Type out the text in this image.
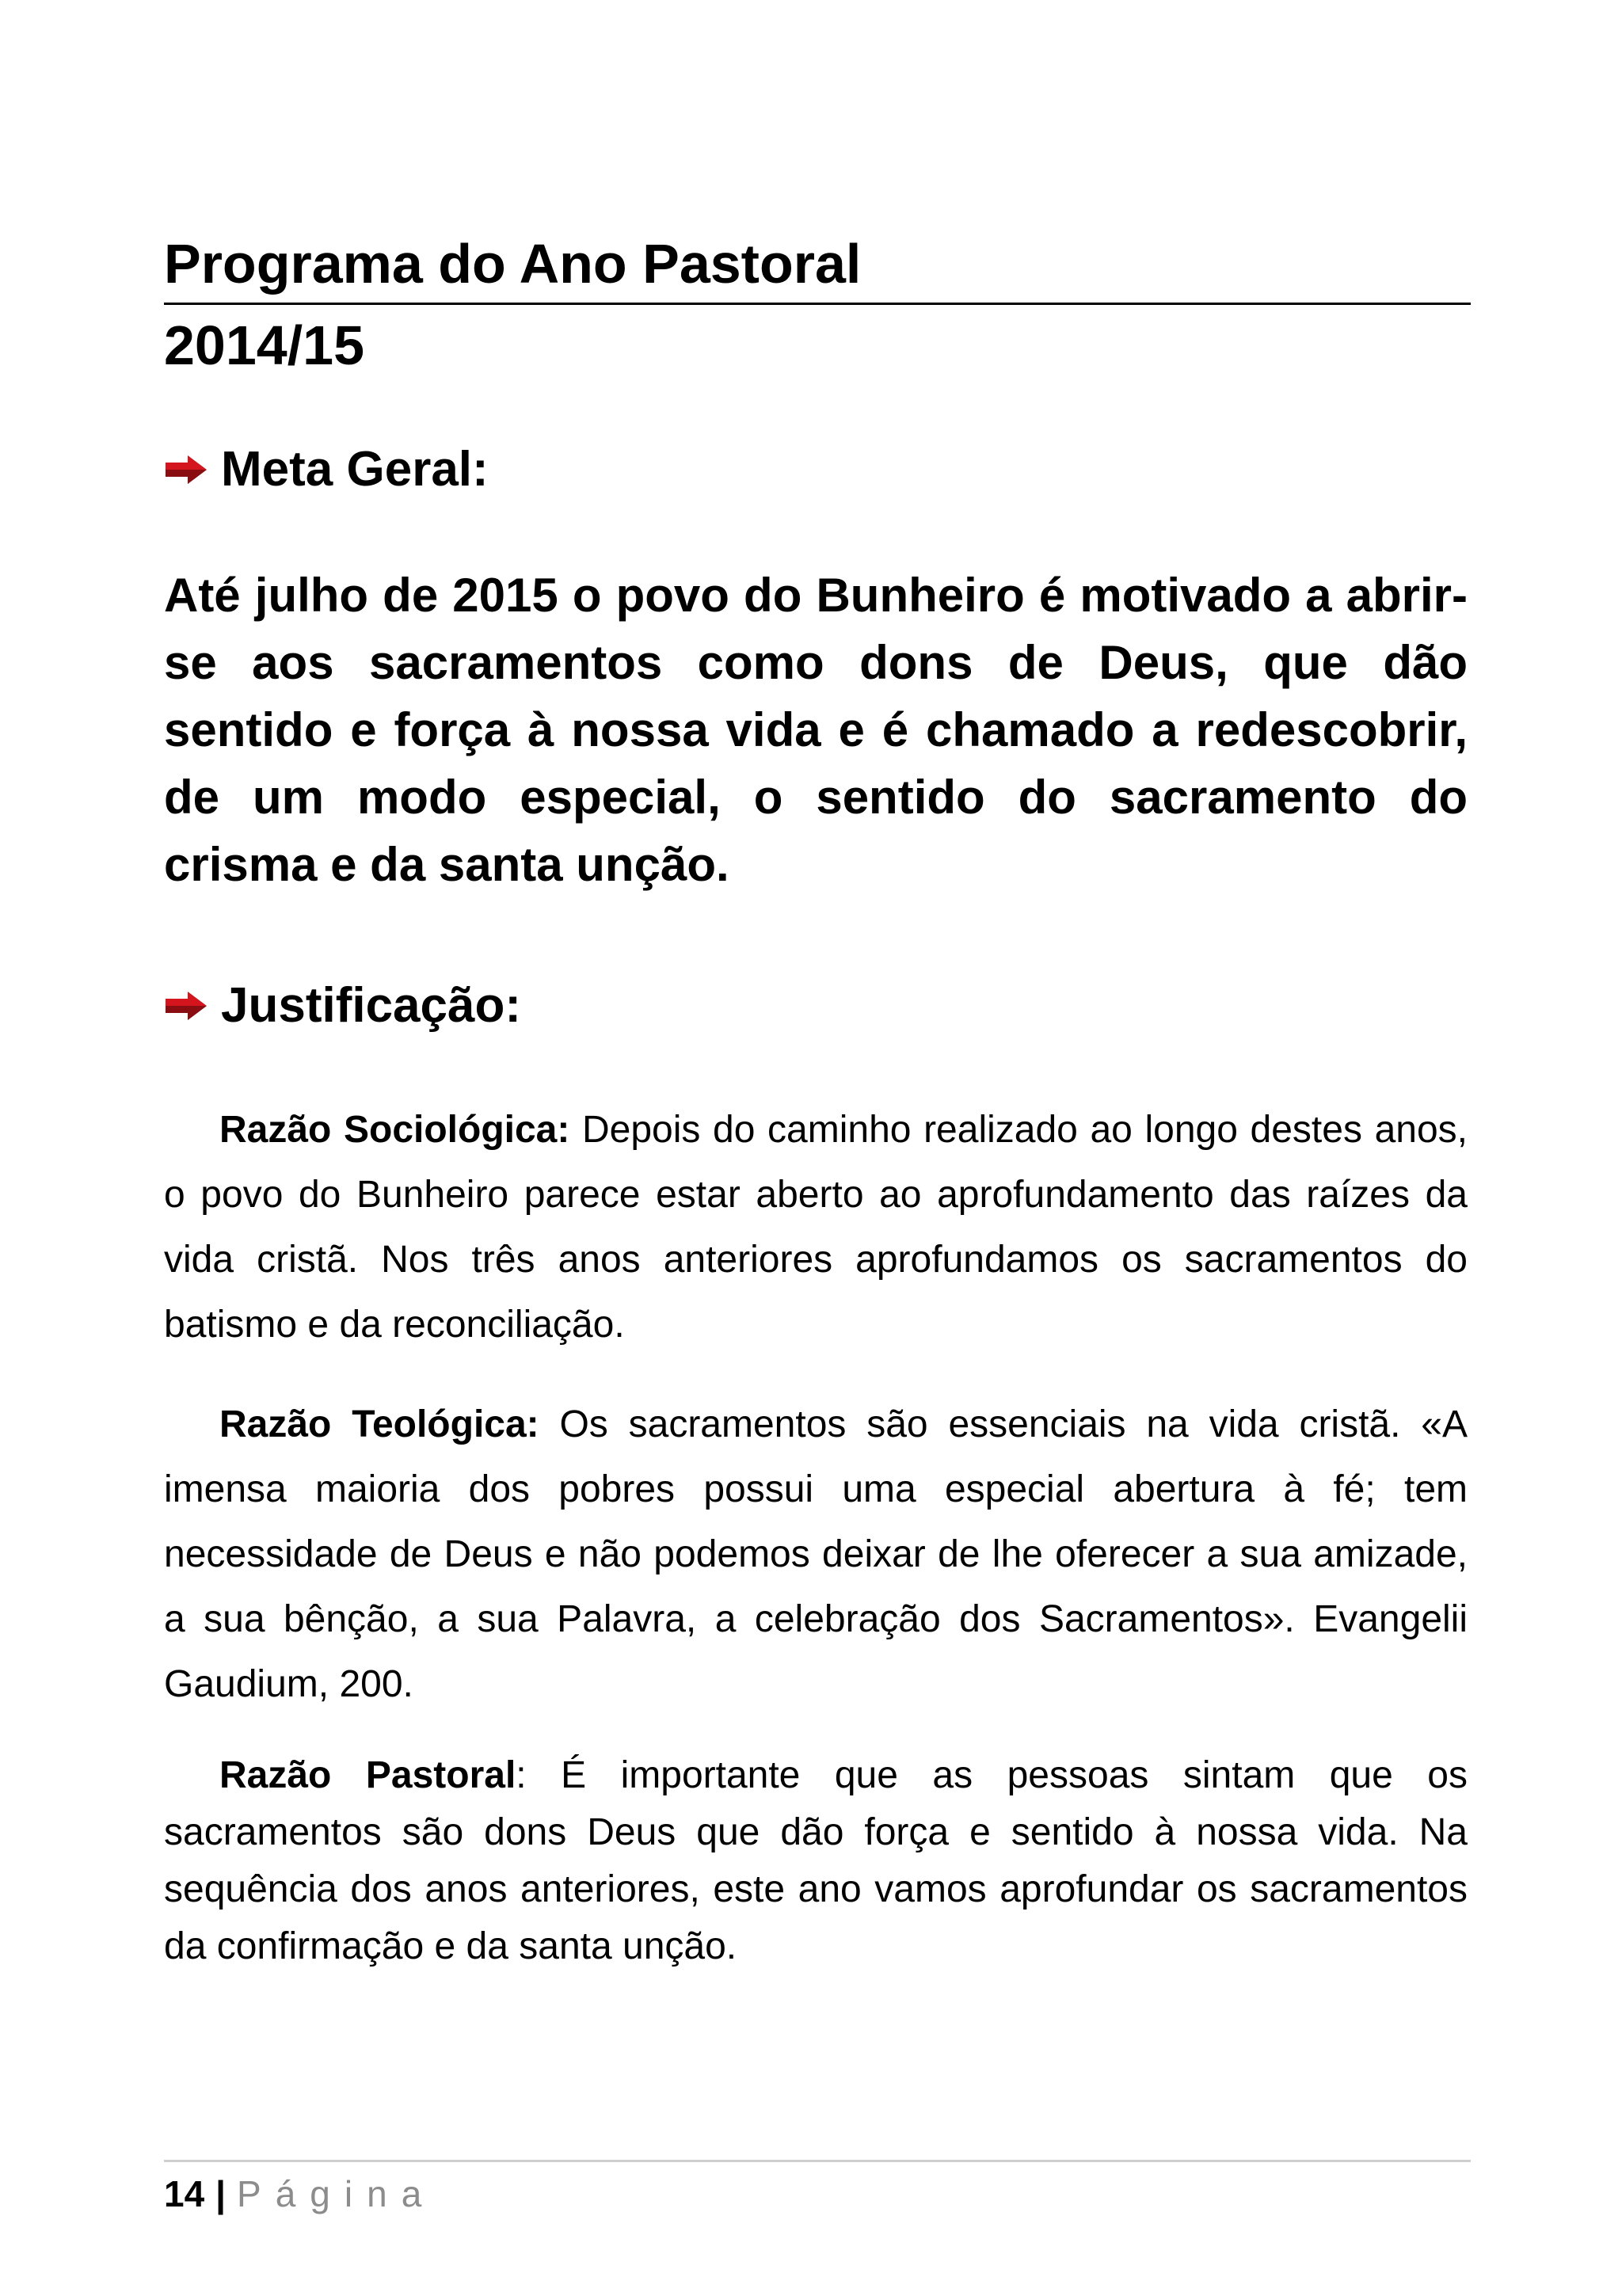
Programa do Ano Pastoral
2014/15
Meta Geral:

Até julho de 2015 o povo do Bunheiro é motivado a abrir-se aos sacramentos como dons de Deus, que dão sentido e força à nossa vida e é chamado a redescobrir, de um modo especial, o sentido do sacramento do crisma e da santa unção.

Justificação:

Razão Sociológica: Depois do caminho realizado ao longo destes anos, o povo do Bunheiro parece estar aberto ao aprofundamento das raízes da vida cristã. Nos três anos anteriores aprofundamos os sacramentos do batismo e da reconciliação.

Razão Teológica: Os sacramentos são essenciais na vida cristã. «A imensa maioria dos pobres possui uma especial abertura à fé; tem necessidade de Deus e não podemos deixar de lhe oferecer a sua amizade, a sua bênção, a sua Palavra, a celebração dos Sacramentos». Evangelii Gaudium, 200.

Razão Pastoral: É importante que as pessoas sintam que os sacramentos são dons Deus que dão força e sentido à nossa vida. Na sequência dos anos anteriores, este ano vamos aprofundar os sacramentos da confirmação e da santa unção.

14 | Página
